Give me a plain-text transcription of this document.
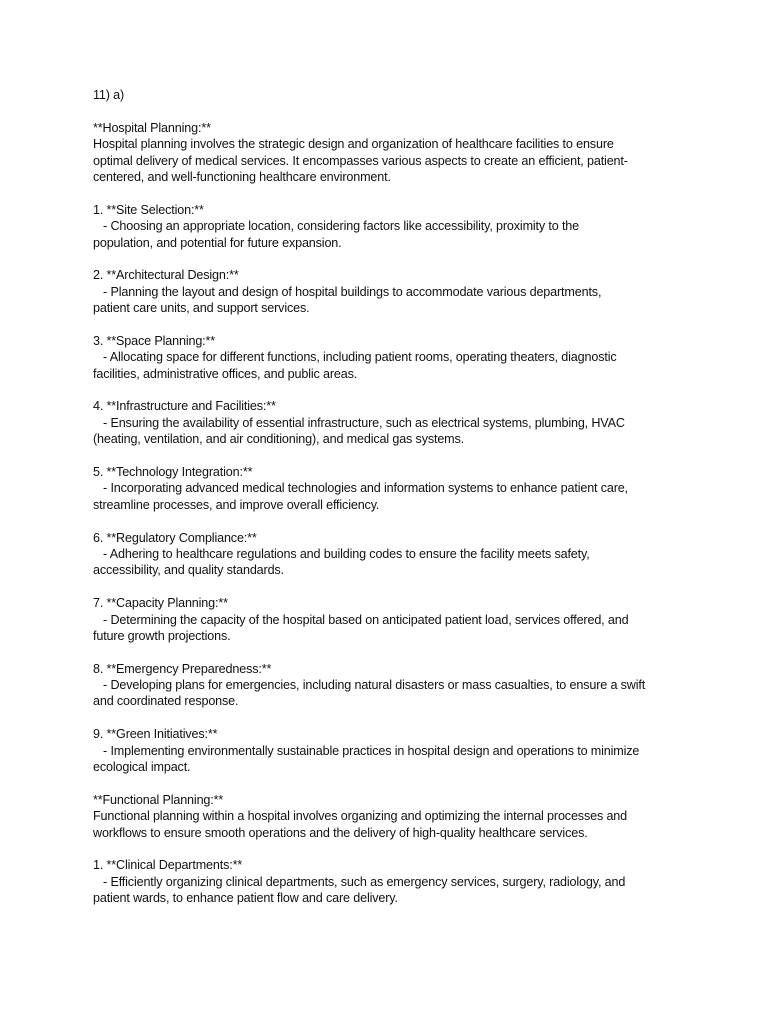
11) a)
**Hospital Planning:**
Hospital planning involves the strategic design and organization of healthcare facilities to ensure
optimal delivery of medical services. It encompasses various aspects to create an efficient, patient-
centered, and well-functioning healthcare environment.
1. **Site Selection:**
- Choosing an appropriate location, considering factors like accessibility, proximity to the
population, and potential for future expansion.
2. **Architectural Design:**
- Planning the layout and design of hospital buildings to accommodate various departments,
patient care units, and support services.
3. **Space Planning:**
- Allocating space for different functions, including patient rooms, operating theaters, diagnostic
facilities, administrative offices, and public areas.
4. **Infrastructure and Facilities:**
- Ensuring the availability of essential infrastructure, such as electrical systems, plumbing, HVAC
(heating, ventilation, and air conditioning), and medical gas systems.
5. **Technology Integration:**
- Incorporating advanced medical technologies and information systems to enhance patient care,
streamline processes, and improve overall efficiency.
6. **Regulatory Compliance:**
- Adhering to healthcare regulations and building codes to ensure the facility meets safety,
accessibility, and quality standards.
7. **Capacity Planning:**
- Determining the capacity of the hospital based on anticipated patient load, services offered, and
future growth projections.
8. **Emergency Preparedness:**
- Developing plans for emergencies, including natural disasters or mass casualties, to ensure a swift
and coordinated response.
9. **Green Initiatives:**
- Implementing environmentally sustainable practices in hospital design and operations to minimize
ecological impact.
**Functional Planning:**
Functional planning within a hospital involves organizing and optimizing the internal processes and
workflows to ensure smooth operations and the delivery of high-quality healthcare services.
1. **Clinical Departments:**
- Efficiently organizing clinical departments, such as emergency services, surgery, radiology, and
patient wards, to enhance patient flow and care delivery.
